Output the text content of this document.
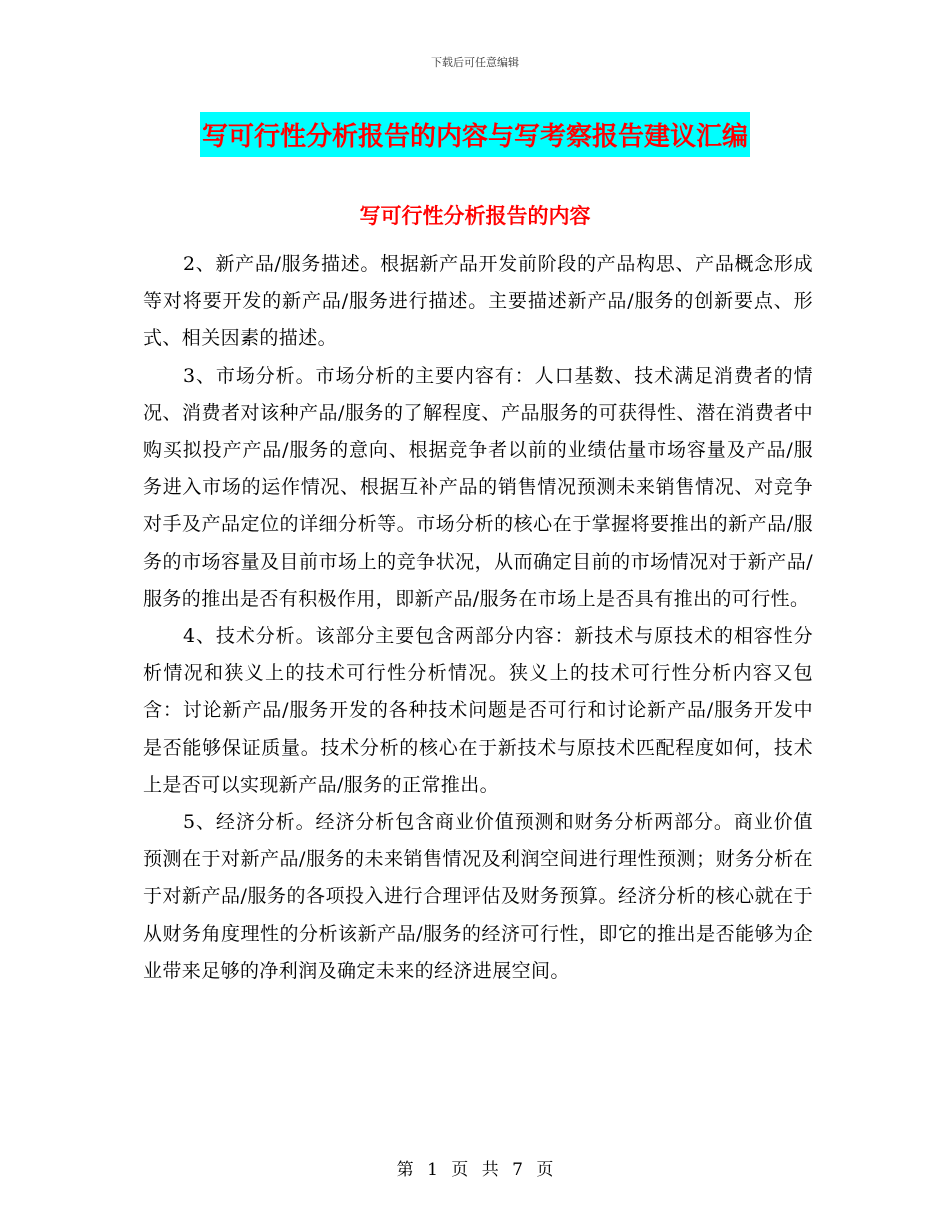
下载后可任意编辑
写可行性分析报告的内容与写考察报告建议汇编
写可行性分析报告的内容

2、新产品/服务描述。根据新产品开发前阶段的产品构思、产品概念形成等对将要开发的新产品/服务进行描述。主要描述新产品/服务的创新要点、形式、相关因素的描述。

3、市场分析。市场分析的主要内容有：人口基数、技术满足消费者的情况、消费者对该种产品/服务的了解程度、产品服务的可获得性、潜在消费者中购买拟投产产品/服务的意向、根据竞争者以前的业绩估量市场容量及产品/服务进入市场的运作情况、根据互补产品的销售情况预测未来销售情况、对竞争对手及产品定位的详细分析等。市场分析的核心在于掌握将要推出的新产品/服务的市场容量及目前市场上的竞争状况，从而确定目前的市场情况对于新产品/服务的推出是否有积极作用，即新产品/服务在市场上是否具有推出的可行性。

4、技术分析。该部分主要包含两部分内容：新技术与原技术的相容性分析情况和狭义上的技术可行性分析情况。狭义上的技术可行性分析内容又包含：讨论新产品/服务开发的各种技术问题是否可行和讨论新产品/服务开发中是否能够保证质量。技术分析的核心在于新技术与原技术匹配程度如何，技术上是否可以实现新产品/服务的正常推出。

5、经济分析。经济分析包含商业价值预测和财务分析两部分。商业价值预测在于对新产品/服务的未来销售情况及利润空间进行理性预测；财务分析在于对新产品/服务的各项投入进行合理评估及财务预算。经济分析的核心就在于从财务角度理性的分析该新产品/服务的经济可行性，即它的推出是否能够为企业带来足够的净利润及确定未来的经济进展空间。

第 1 页 共 7 页
